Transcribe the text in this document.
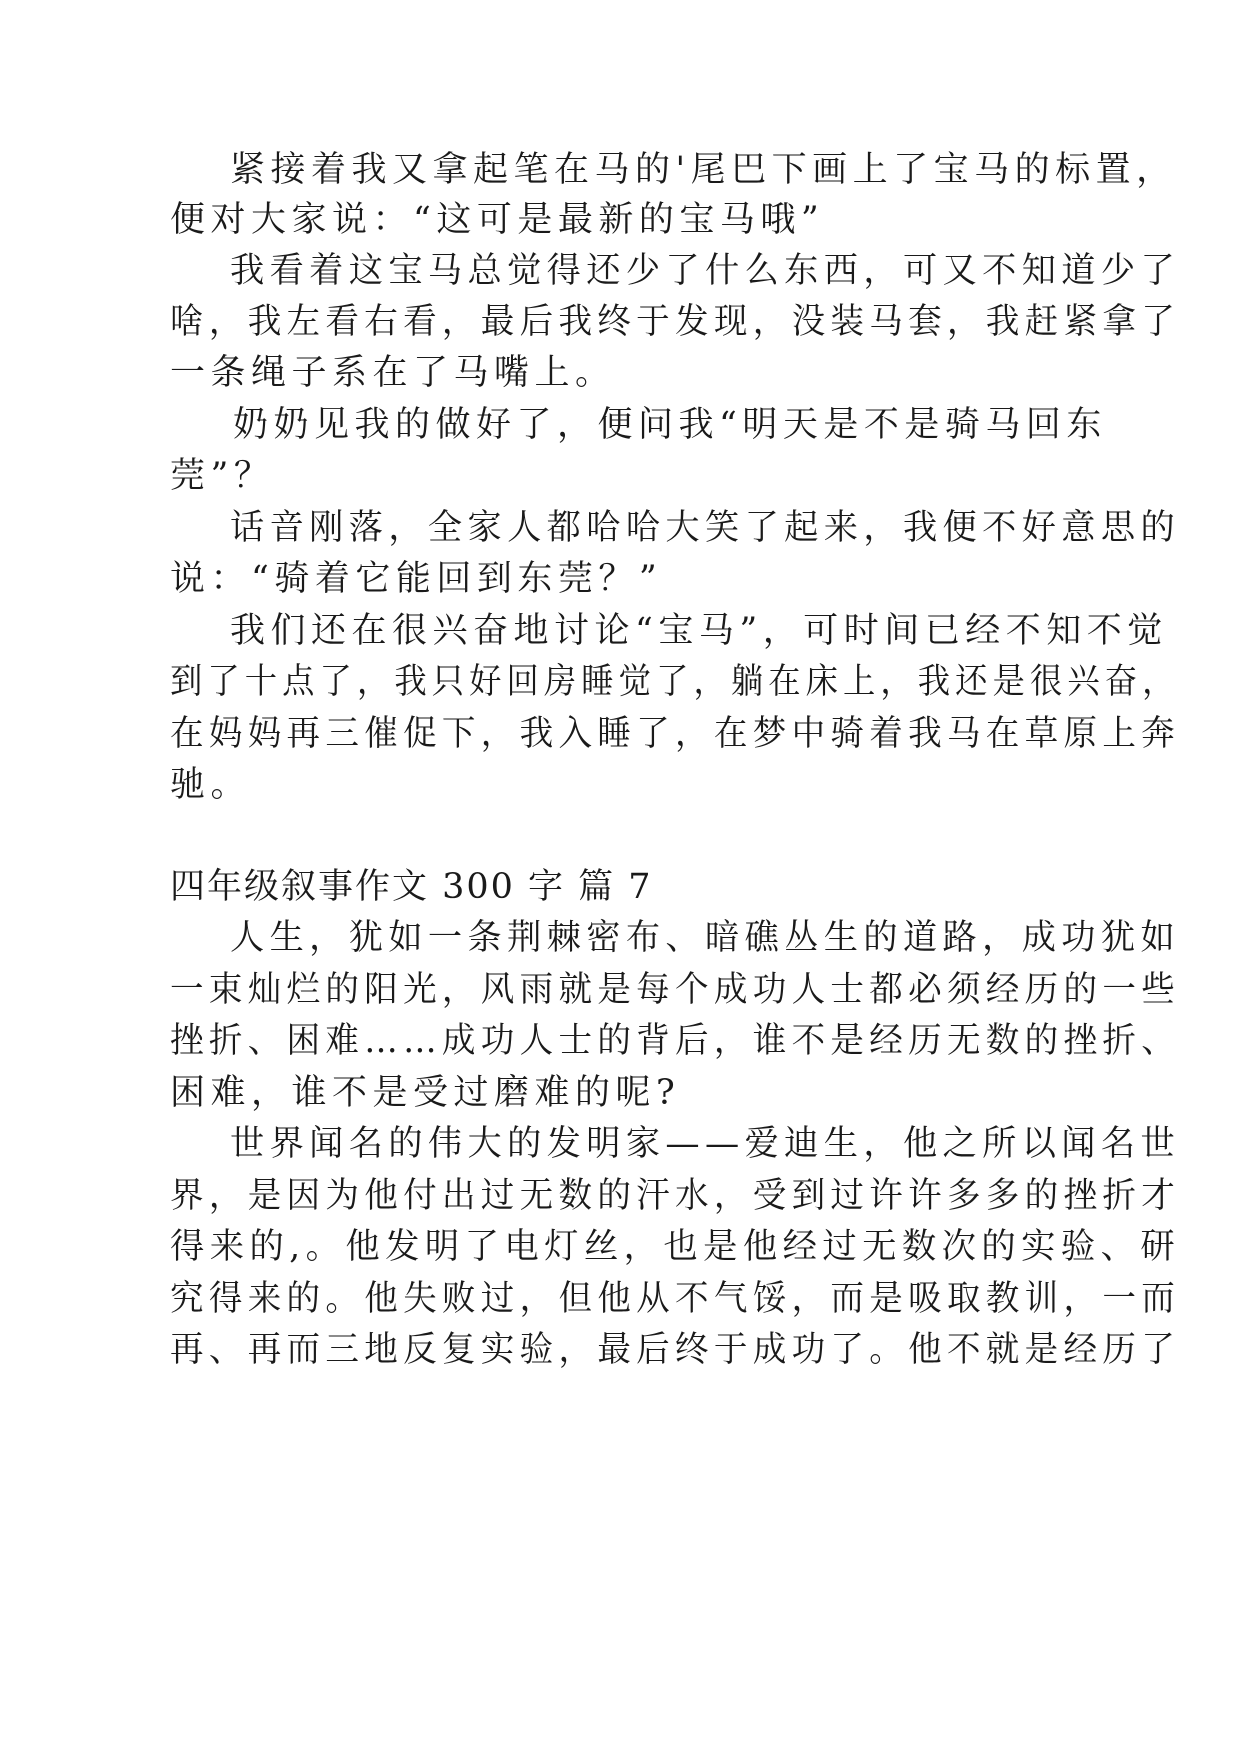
紧接着我又拿起笔在马的'尾巴下画上了宝马的标置，
便对大家说：“这可是最新的宝马哦”
我看着这宝马总觉得还少了什么东西，可又不知道少了
啥，我左看右看，最后我终于发现，没装马套，我赶紧拿了
一条绳子系在了马嘴上。
奶奶见我的做好了，便问我“明天是不是骑马回东
莞”？
话音刚落，全家人都哈哈大笑了起来，我便不好意思的
说：“骑着它能回到东莞？”
我们还在很兴奋地讨论“宝马”，可时间已经不知不觉
到了十点了，我只好回房睡觉了，躺在床上，我还是很兴奋，
在妈妈再三催促下，我入睡了，在梦中骑着我马在草原上奔
驰。
四年级叙事作文 300 字 篇 7
人生，犹如一条荆棘密布、暗礁丛生的道路，成功犹如
一束灿烂的阳光，风雨就是每个成功人士都必须经历的一些
挫折、困难……成功人士的背后，谁不是经历无数的挫折、
困难，谁不是受过磨难的呢?
世界闻名的伟大的发明家——爱迪生，他之所以闻名世
界，是因为他付出过无数的汗水，受到过许许多多的挫折才
得来的,。他发明了电灯丝，也是他经过无数次的实验、研
究得来的。他失败过，但他从不气馁，而是吸取教训，一而
再、再而三地反复实验，最后终于成功了。他不就是经历了
